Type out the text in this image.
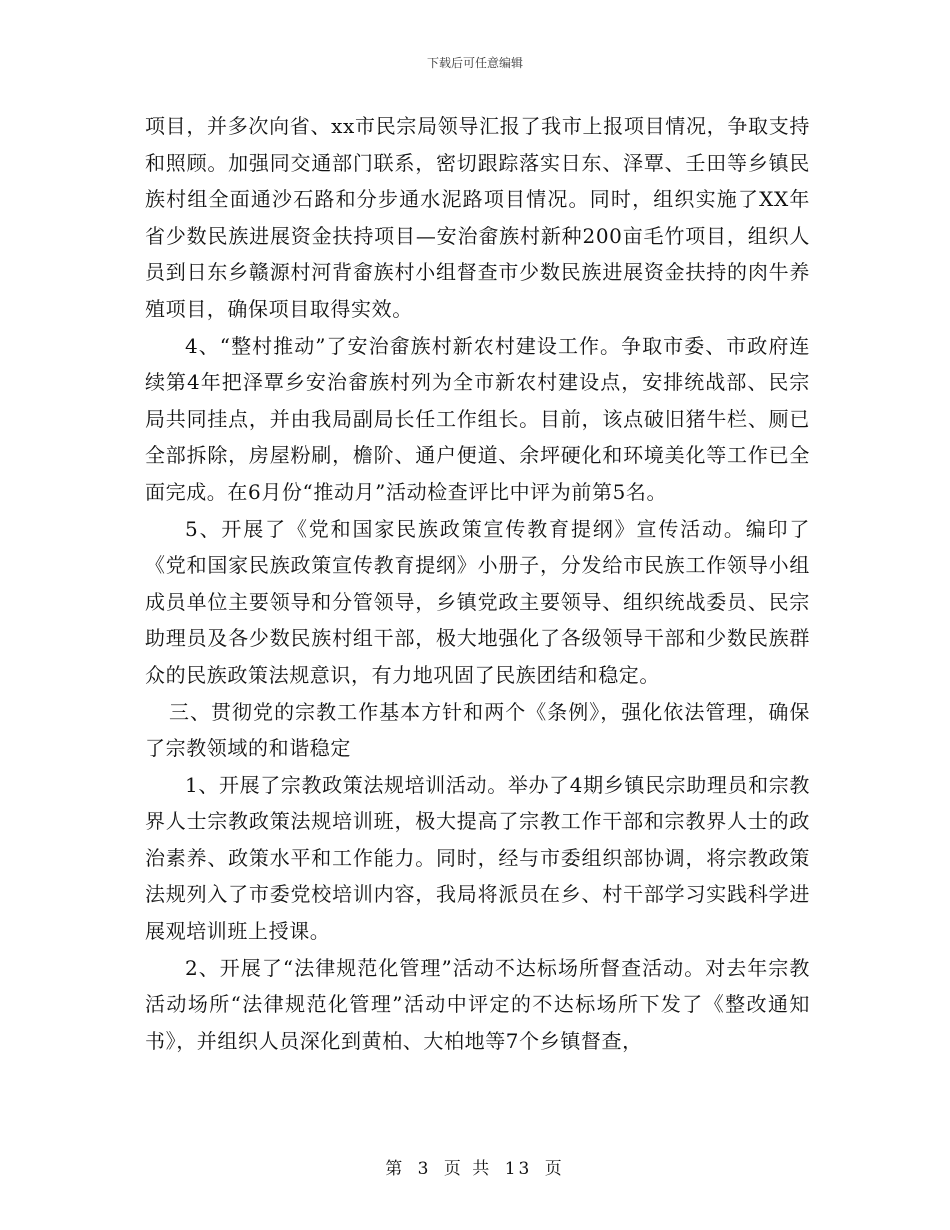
下载后可任意编辑

项目，并多次向省、xx市民宗局领导汇报了我市上报项目情况，争取支持和照顾。加强同交通部门联系，密切跟踪落实日东、泽覃、壬田等乡镇民族村组全面通沙石路和分步通水泥路项目情况。同时，组织实施了XX年省少数民族进展资金扶持项目—安治畲族村新种200亩毛竹项目，组织人员到日东乡赣源村河背畲族村小组督查市少数民族进展资金扶持的肉牛养殖项目，确保项目取得实效。

4、“整村推动”了安治畲族村新农村建设工作。争取市委、市政府连续第4年把泽覃乡安治畲族村列为全市新农村建设点，安排统战部、民宗局共同挂点，并由我局副局长任工作组长。目前，该点破旧猪牛栏、厕已全部拆除，房屋粉刷，檐阶、通户便道、余坪硬化和环境美化等工作已全面完成。在6月份“推动月”活动检查评比中评为前第5名。

5、开展了《党和国家民族政策宣传教育提纲》宣传活动。编印了《党和国家民族政策宣传教育提纲》小册子，分发给市民族工作领导小组成员单位主要领导和分管领导，乡镇党政主要领导、组织统战委员、民宗助理员及各少数民族村组干部，极大地强化了各级领导干部和少数民族群众的民族政策法规意识，有力地巩固了民族团结和稳定。

三、贯彻党的宗教工作基本方针和两个《条例》，强化依法管理，确保了宗教领域的和谐稳定

1、开展了宗教政策法规培训活动。举办了4期乡镇民宗助理员和宗教界人士宗教政策法规培训班，极大提高了宗教工作干部和宗教界人士的政治素养、政策水平和工作能力。同时，经与市委组织部协调，将宗教政策法规列入了市委党校培训内容，我局将派员在乡、村干部学习实践科学进展观培训班上授课。

2、开展了“法律规范化管理”活动不达标场所督查活动。对去年宗教活动场所“法律规范化管理”活动中评定的不达标场所下发了《整改通知书》，并组织人员深化到黄柏、大柏地等7个乡镇督查，

第 3 页 共 13 页
